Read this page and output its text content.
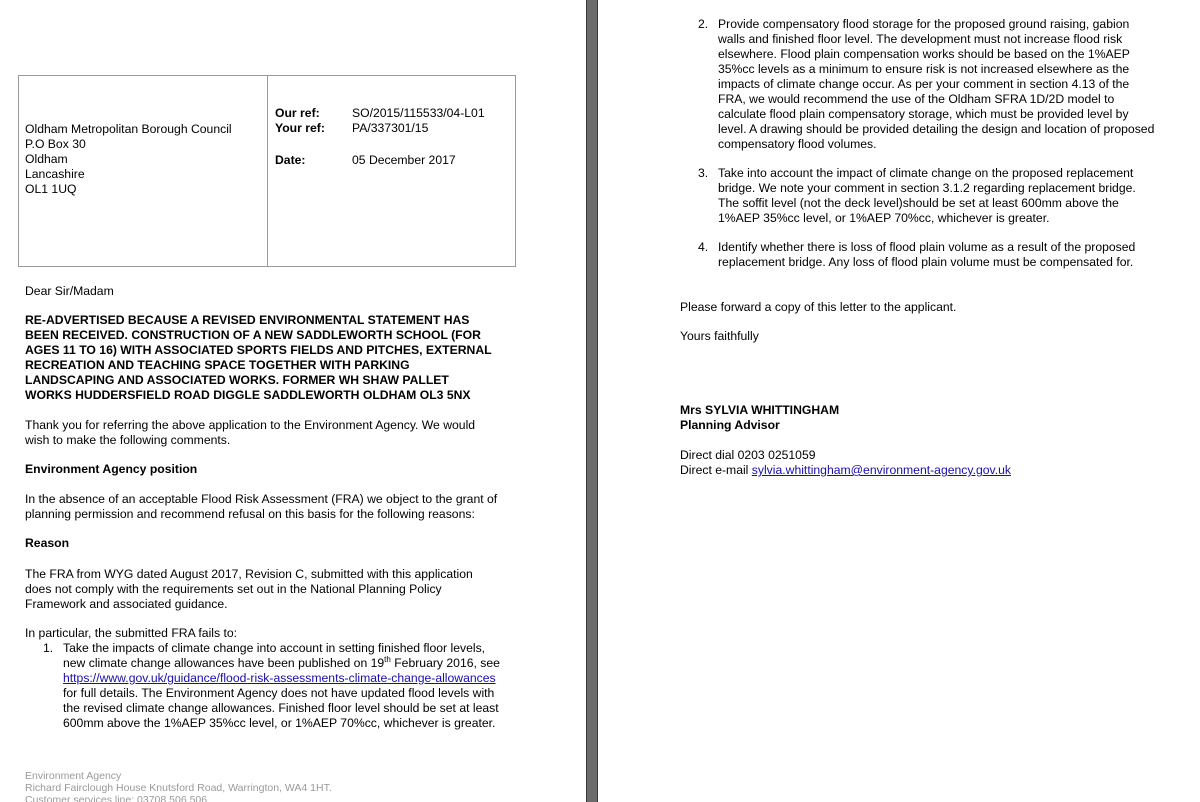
Oldham Metropolitan Borough Council
P.O Box 30
Oldham
Lancashire
OL1 1UQ
Our ref:	SO/2015/115533/04-L01
Your ref: PA/337301/15
Date:	05 December 2017
Dear Sir/Madam
RE-ADVERTISED BECAUSE A REVISED ENVIRONMENTAL STATEMENT HAS
BEEN RECEIVED. CONSTRUCTION OF A NEW SADDLEWORTH SCHOOL (FOR
AGES 11 TO 16) WITH ASSOCIATED SPORTS FIELDS AND PITCHES, EXTERNAL
RECREATION AND TEACHING SPACE TOGETHER WITH PARKING
LANDSCAPING AND ASSOCIATED WORKS. FORMER WH SHAW PALLET
WORKS HUDDERSFIELD ROAD DIGGLE SADDLEWORTH OLDHAM OL3 5NX
Thank you for referring the above application to the Environment Agency. We would
wish to make the following comments.
Environment Agency position
In the absence of an acceptable Flood Risk Assessment (FRA) we object to the grant of
planning permission and recommend refusal on this basis for the following reasons:
Reason
The FRA from WYG dated August 2017, Revision C, submitted with this application
does not comply with the requirements set out in the National Planning Policy
Framework and associated guidance.
In particular, the submitted FRA fails to:
1. Take the impacts of climate change into account in setting finished floor levels,
new climate change allowances have been published on 19th February 2016, see
https://www.gov.uk/guidance/flood-risk-assessments-climate-change-allowances
for full details. The Environment Agency does not have updated flood levels with
the revised climate change allowances. Finished floor level should be set at least
600mm above the 1%AEP 35%cc level, or 1%AEP 70%cc, whichever is greater.
Environment Agency
Richard Fairclough House Knutsford Road, Warrington, WA4 1HT.
Customer services line: 03708 506 506
2. Provide compensatory flood storage for the proposed ground raising, gabion
walls and finished floor level. The development must not increase flood risk
elsewhere. Flood plain compensation works should be based on the 1%AEP
35%cc levels as a minimum to ensure risk is not increased elsewhere as the
impacts of climate change occur. As per your comment in section 4.13 of the
FRA, we would recommend the use of the Oldham SFRA 1D/2D model to
calculate flood plain compensatory storage, which must be provided level by
level. A drawing should be provided detailing the design and location of proposed
compensatory flood volumes.
3. Take into account the impact of climate change on the proposed replacement
bridge. We note your comment in section 3.1.2 regarding replacement bridge.
The soffit level (not the deck level)should be set at least 600mm above the
1%AEP 35%cc level, or 1%AEP 70%cc, whichever is greater.
4. Identify whether there is loss of flood plain volume as a result of the proposed
replacement bridge. Any loss of flood plain volume must be compensated for.
Please forward a copy of this letter to the applicant.
Yours faithfully
Mrs SYLVIA WHITTINGHAM
Planning Advisor
Direct dial 0203 0251059
Direct e-mail sylvia.whittingham@environment-agency.gov.uk
